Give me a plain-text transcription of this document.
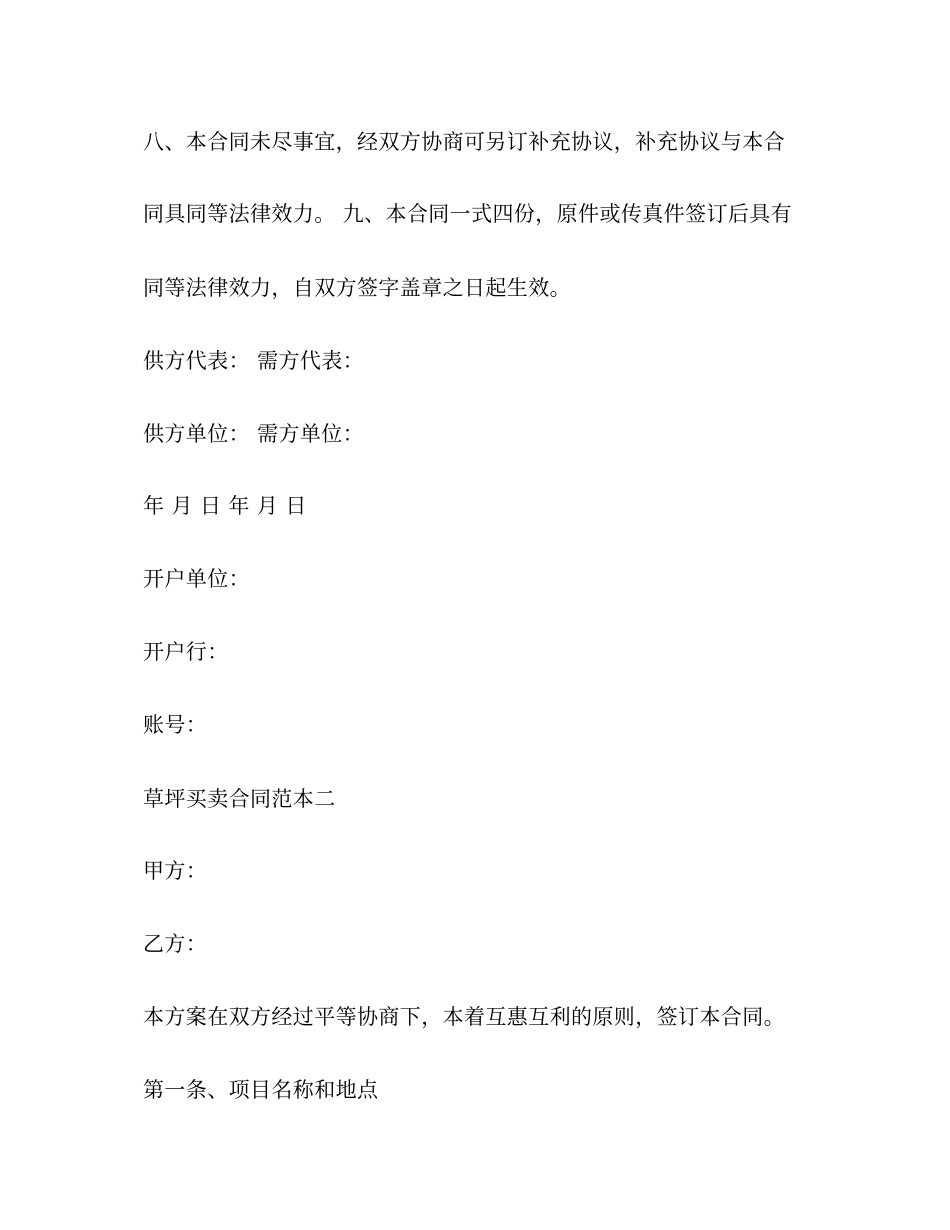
八、本合同未尽事宜，经双方协商可另订补充协议，补充协议与本合
同具同等法律效力。 九、本合同一式四份，原件或传真件签订后具有
同等法律效力，自双方签字盖章之日起生效。
供方代表： 需方代表：
供方单位： 需方单位：
年 月 日 年 月 日
开户单位：
开户行：
账号：
草坪买卖合同范本二
甲方：
乙方：
本方案在双方经过平等协商下，本着互惠互利的原则，签订本合同。
第一条、项目名称和地点
